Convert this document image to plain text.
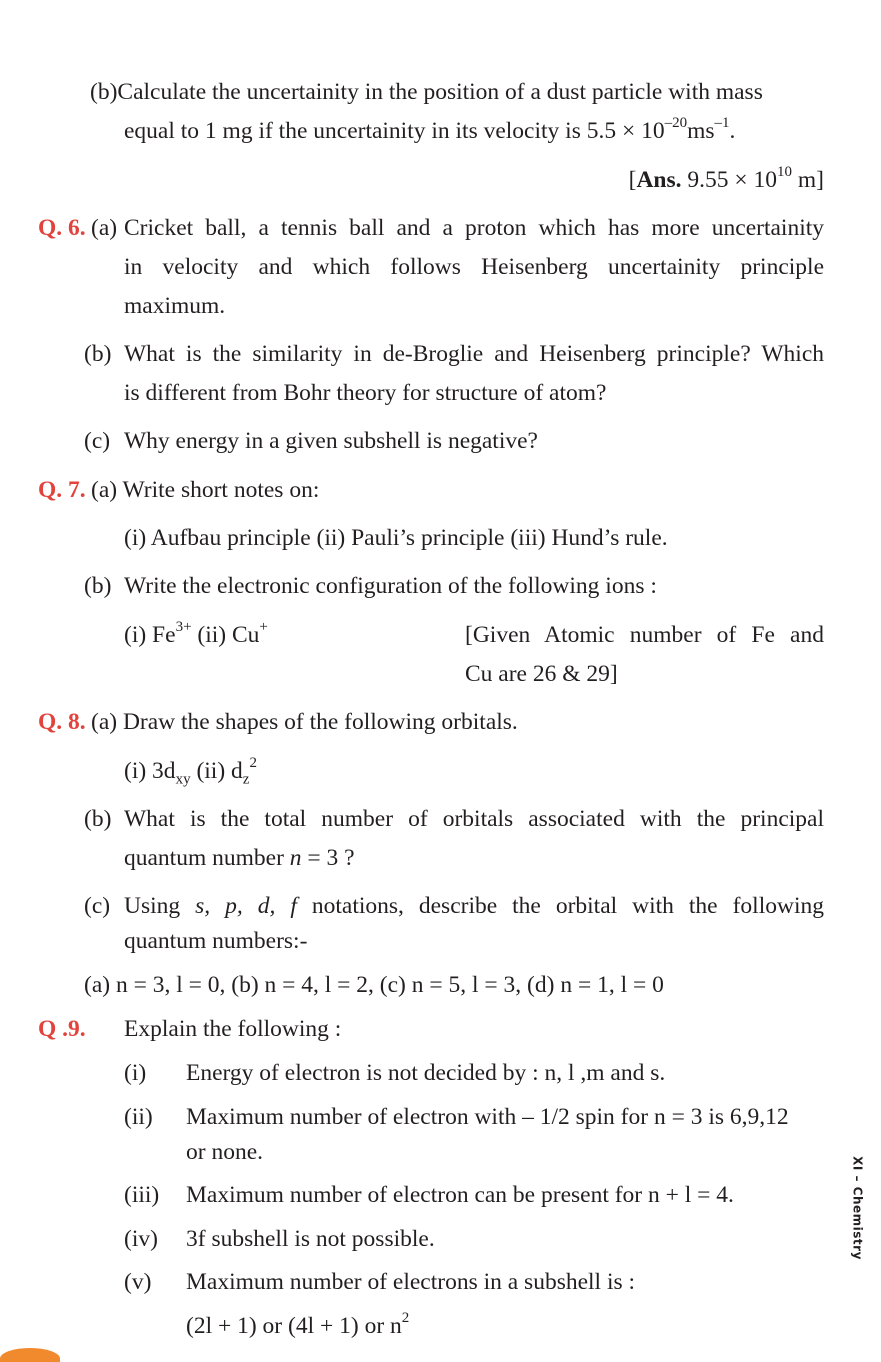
(b)Calculate the uncertainity in the position of a dust particle with mass
equal to 1 mg if the uncertainity in its velocity is $5.5 \times 10^{-20}ms^{-1}$.
[Ans. $9.55 \times 10^{10}$ m]
Q. 6. (a) Cricket ball, a tennis ball and a proton which has more uncertainity
in velocity and which follows Heisenberg uncertainity principle
maximum.
(b) What is the similarity in de-Broglie and Heisenberg principle? Which
is different from Bohr theory for structure of atom?
(c) Why energy in a given subshell is negative?
Q. 7. (a) Write short notes on:
(i) Aufbau principle (ii) Pauli’s principle (iii) Hund’s rule.
(b) Write the electronic configuration of the following ions :
(i) $Fe^{3+}$ (ii) Cu+	[Given Atomic number of Fe and
Cu are 26 & 29]
Q. 8. (a) Draw the shapes of the following orbitals.
(i) $3d_{xy}$ (ii) $d_z^2$
(b) What is the total number of orbitals associated with the principal
quantum number n = 3 ?
(c) Using s, p, d, f notations, describe the orbital with the following
quantum numbers:-
(a) n = 3, l = 0, (b) n = 4, l = 2, (c) n = 5, l = 3, (d) n = 1, l = 0
Q .9. Explain the following :
(i) Energy of electron is not decided by : n, l ,m and s.
(ii) Maximum number of electron with – 1/2 spin for n = 3 is 6,9,12
or none.
(iii) Maximum number of electron can be present for n + l = 4.
(iv) 3f subshell is not possible.
(v) Maximum number of electrons in a subshell is :
(2l + 1) or (4l + 1) or $n^2$
XI – Chemistry
